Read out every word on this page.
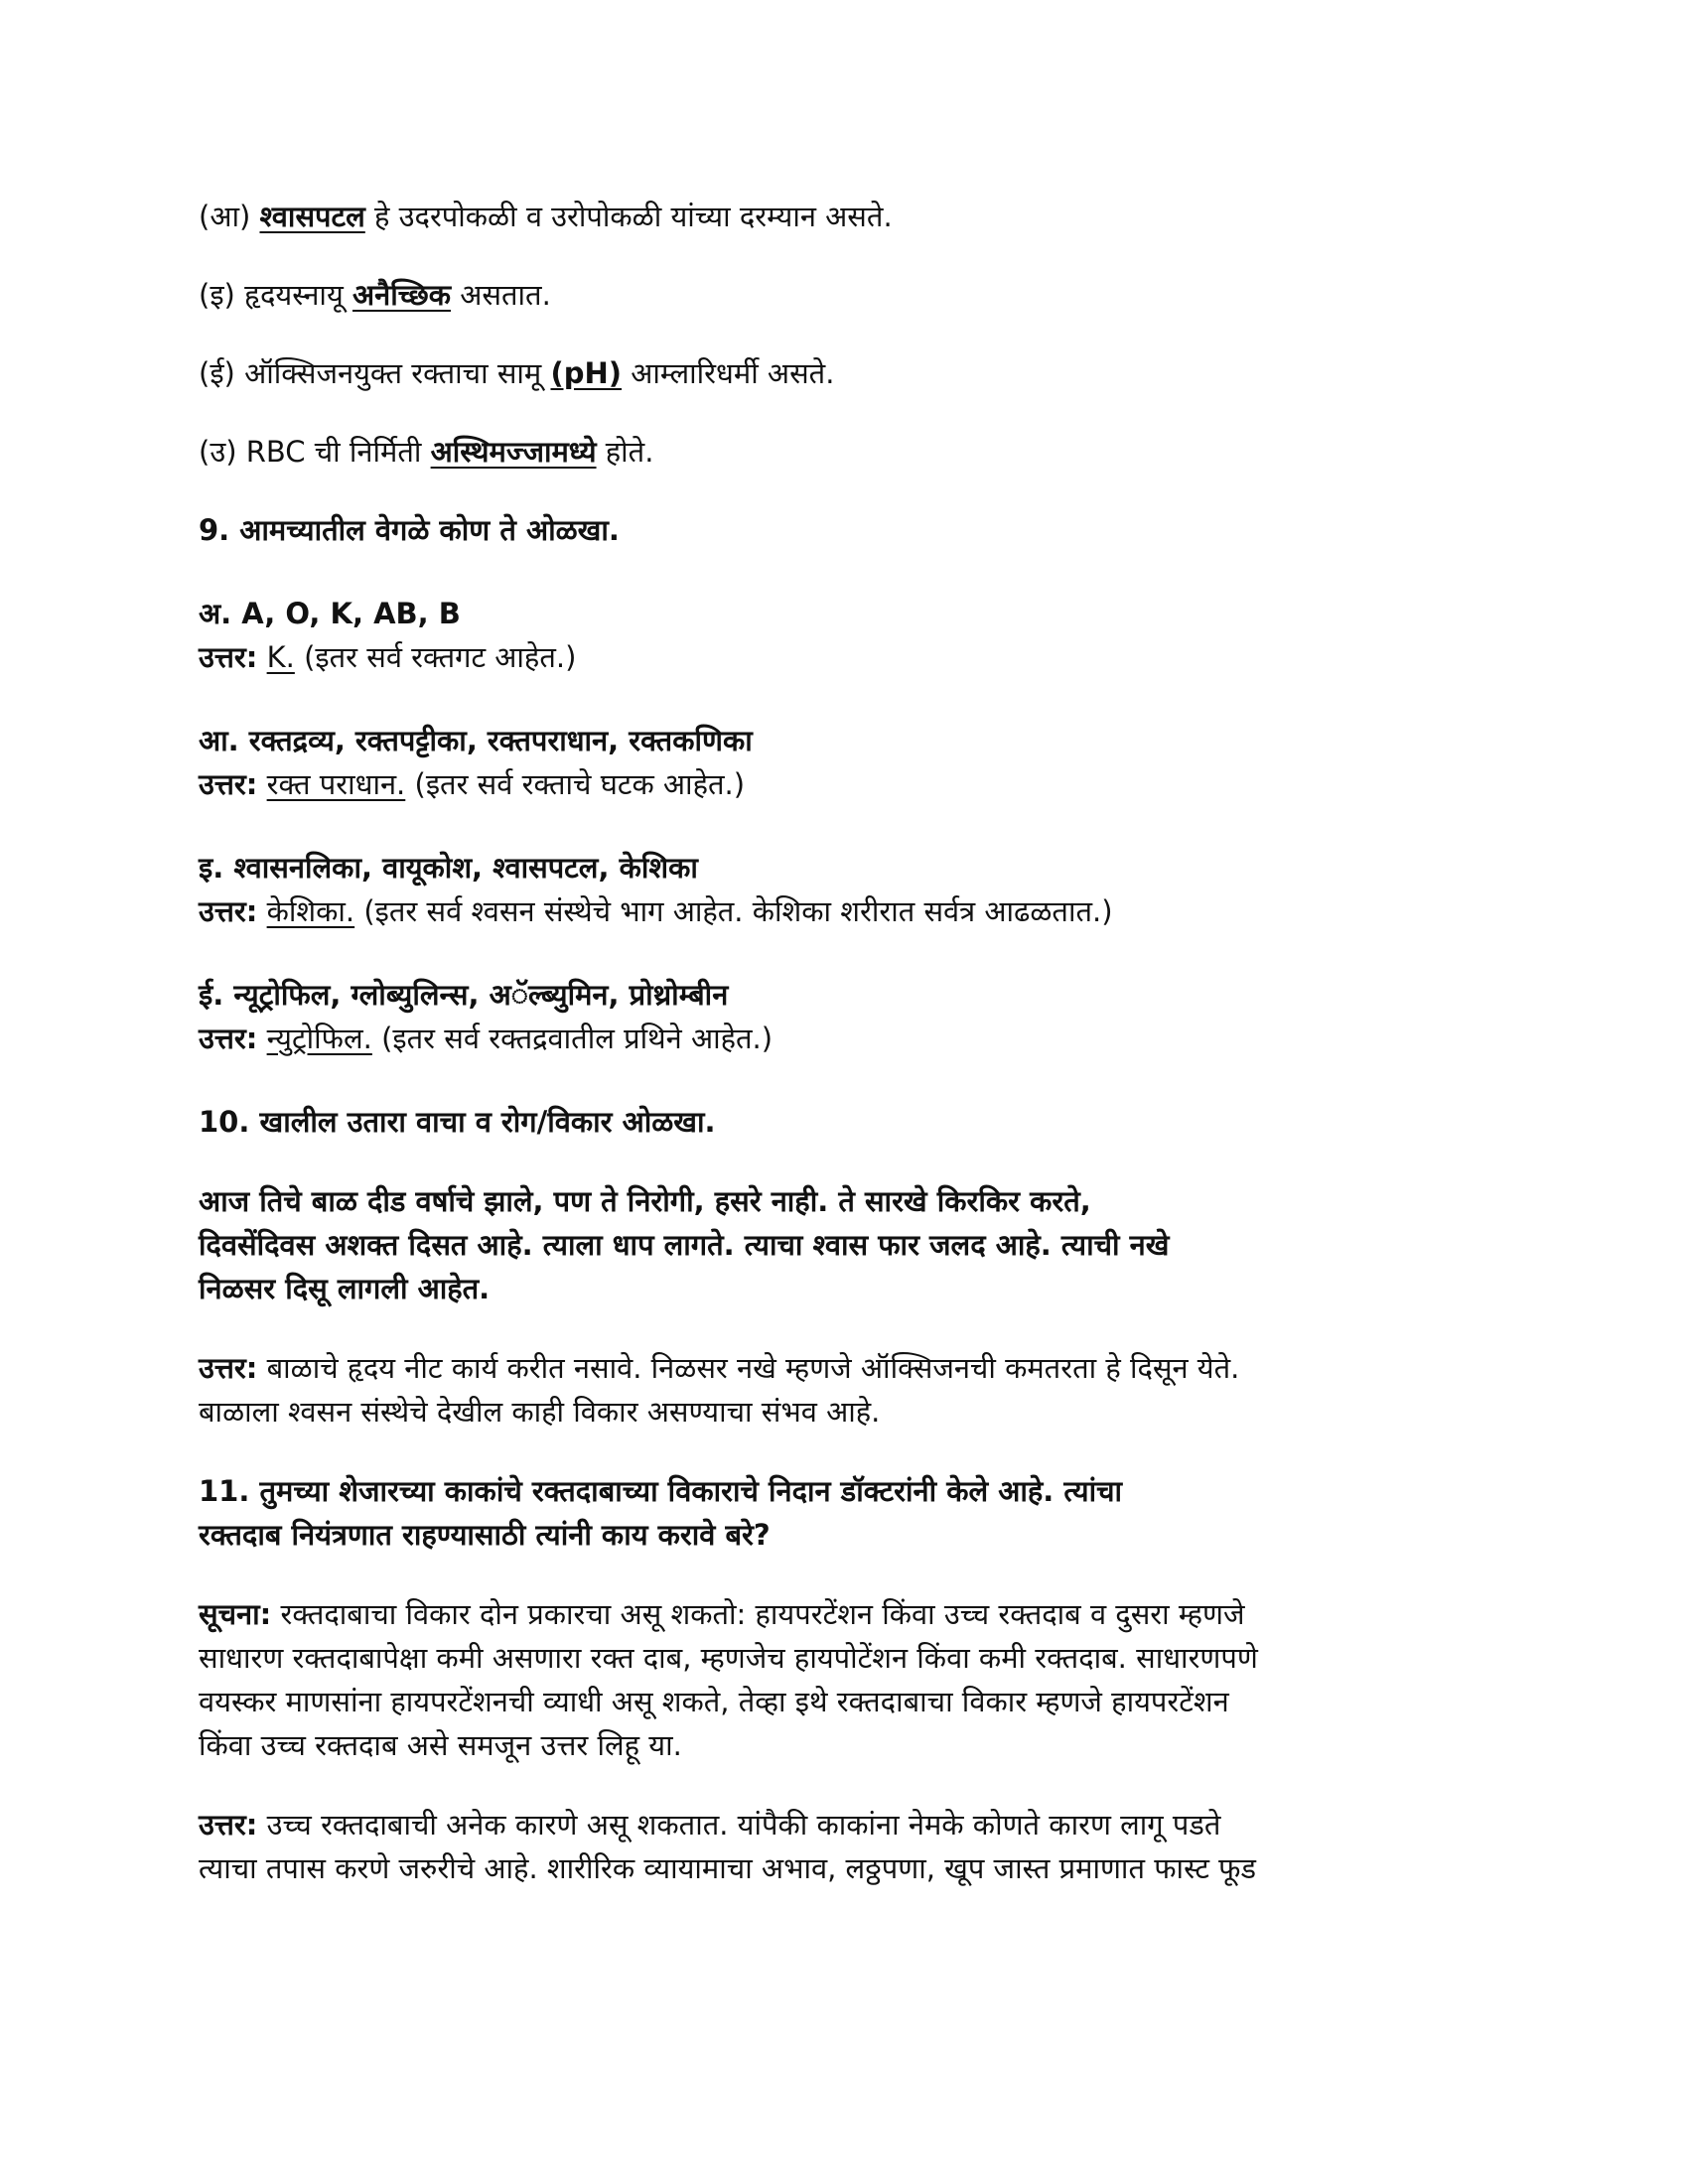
(आ) श्वासपटल हे उदरपोकळी व उरोपोकळी यांच्या दरम्यान असते.
(इ) हृदयस्नायू अनैच्छिक असतात.
(ई) ऑक्सिजनयुक्त रक्ताचा सामू (pH) आम्लारिधर्मी असते.
(उ) RBC ची निर्मिती अस्थिमज्जामध्ये होते.
9. आमच्यातील वेगळे कोण ते ओळखा.
अ. A, O, K, AB, B
उत्तर: K. (इतर सर्व रक्तगट आहेत.)
आ. रक्तद्रव्य, रक्तपट्टीका, रक्तपराधान, रक्तकणिका
उत्तर: रक्त पराधान. (इतर सर्व रक्ताचे घटक आहेत.)
इ. श्वासनलिका, वायूकोश, श्वासपटल, केशिका
उत्तर: केशिका. (इतर सर्व श्वसन संस्थेचे भाग आहेत. केशिका शरीरात सर्वत्र आढळतात.)
ई. न्यूट्रोफिल, ग्लोब्युलिन्स, अॅल्ब्युमिन, प्रोथ्रोम्बीन
उत्तर: न्युट्रोफिल. (इतर सर्व रक्तद्रवातील प्रथिने आहेत.)
10. खालील उतारा वाचा व रोग/विकार ओळखा.
आज तिचे बाळ दीड वर्षाचे झाले, पण ते निरोगी, हसरे नाही. ते सारखे किरकिर करते,
दिवसेंदिवस अशक्त दिसत आहे. त्याला धाप लागते. त्याचा श्वास फार जलद आहे. त्याची नखे
निळसर दिसू लागली आहेत.
उत्तर: बाळाचे हृदय नीट कार्य करीत नसावे. निळसर नखे म्हणजे ऑक्सिजनची कमतरता हे दिसून येते.
बाळाला श्वसन संस्थेचे देखील काही विकार असण्याचा संभव आहे.
11. तुमच्या शेजारच्या काकांचे रक्तदाबाच्या विकाराचे निदान डॉक्टरांनी केले आहे. त्यांचा
रक्तदाब नियंत्रणात राहण्यासाठी त्यांनी काय करावे बरे?
सूचना: रक्तदाबाचा विकार दोन प्रकारचा असू शकतो: हायपरटेंशन किंवा उच्च रक्तदाब व दुसरा म्हणजे
साधारण रक्तदाबापेक्षा कमी असणारा रक्त दाब, म्हणजेच हायपोटेंशन किंवा कमी रक्तदाब. साधारणपणे
वयस्कर माणसांना हायपरटेंशनची व्याधी असू शकते, तेव्हा इथे रक्तदाबाचा विकार म्हणजे हायपरटेंशन
किंवा उच्च रक्तदाब असे समजून उत्तर लिहू या.
उत्तर: उच्च रक्तदाबाची अनेक कारणे असू शकतात. यांपैकी काकांना नेमके कोणते कारण लागू पडते
त्याचा तपास करणे जरुरीचे आहे. शारीरिक व्यायामाचा अभाव, लठ्ठपणा, खूप जास्त प्रमाणात फास्ट फूड
